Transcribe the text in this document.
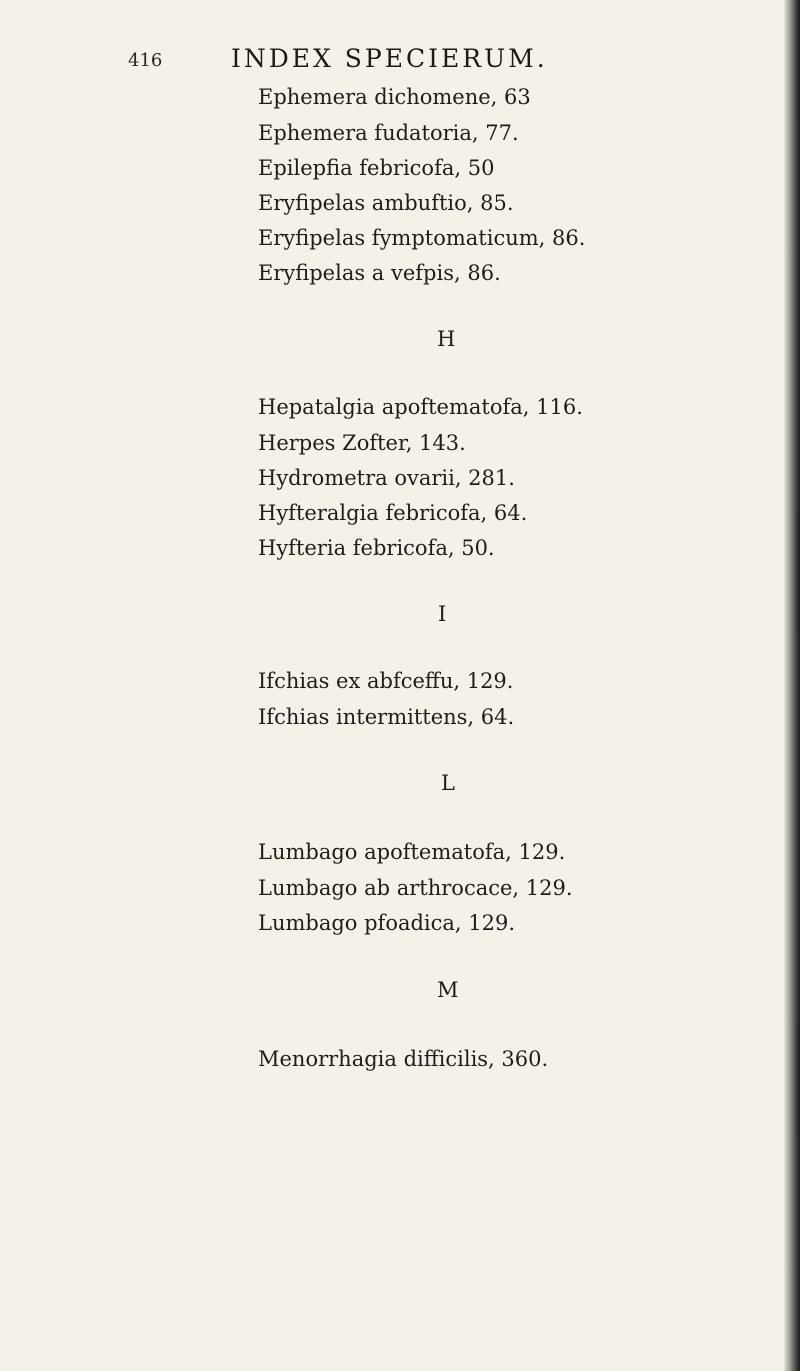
416	INDEX SPECIERUM.
Ephemera dichomene, 63
Ephemera fudatoria, 77.
Epilepfia febricofa, 50
Eryfipelas ambuftio, 85.
Eryfipelas fymptomaticum, 86.
Eryfipelas a vefpis, 86.
H
Hepatalgia apoftematofa, 116.
Herpes Zofter, 143.
Hydrometra ovarii, 281.
Hyfteralgia febricofa, 64.
Hyfteria febricofa, 50.
I
Ifchias ex abfceffu, 129.
Ifchias intermittens, 64.
L
Lumbago apoftematofa, 129.
Lumbago ab arthrocace, 129.
Lumbago pfoadica, 129.
M
Menorrhagia difficilis, 360.
